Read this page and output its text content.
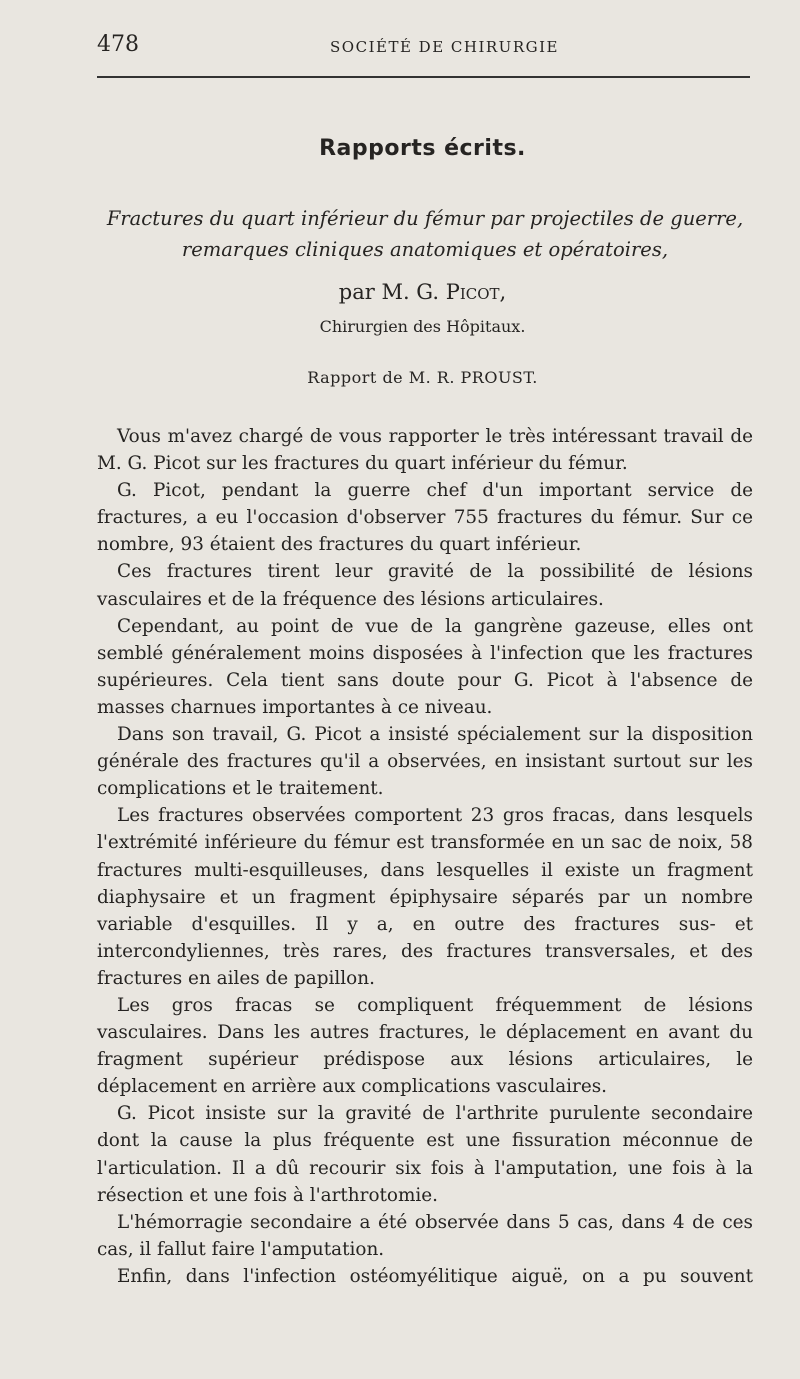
478	SOCIÉTÉ DE CHIRURGIE
Rapports écrits.
Fractures du quart inférieur du fémur par projectiles de guerre, remarques cliniques anatomiques et opératoires,
par M. G. Picot,
Chirurgien des Hôpitaux.
Rapport de M. R. PROUST.

Vous m'avez chargé de vous rapporter le très intéressant travail de M. G. Picot sur les fractures du quart inférieur du fémur.

G. Picot, pendant la guerre chef d'un important service de fractures, a eu l'occasion d'observer 755 fractures du fémur. Sur ce nombre, 93 étaient des fractures du quart inférieur.

Ces fractures tirent leur gravité de la possibilité de lésions vasculaires et de la fréquence des lésions articulaires.

Cependant, au point de vue de la gangrène gazeuse, elles ont semblé généralement moins disposées à l'infection que les fractures supérieures. Cela tient sans doute pour G. Picot à l'absence de masses charnues importantes à ce niveau.

Dans son travail, G. Picot a insisté spécialement sur la disposition générale des fractures qu'il a observées, en insistant surtout sur les complications et le traitement.

Les fractures observées comportent 23 gros fracas, dans lesquels l'extrémité inférieure du fémur est transformée en un sac de noix, 58 fractures multi-esquilleuses, dans lesquelles il existe un fragment diaphysaire et un fragment épiphysaire séparés par un nombre variable d'esquilles. Il y a, en outre des fractures sus- et intercondyliennes, très rares, des fractures transversales, et des fractures en ailes de papillon.

Les gros fracas se compliquent fréquemment de lésions vasculaires. Dans les autres fractures, le déplacement en avant du fragment supérieur prédispose aux lésions articulaires, le déplacement en arrière aux complications vasculaires.

G. Picot insiste sur la gravité de l'arthrite purulente secondaire dont la cause la plus fréquente est une fissuration méconnue de l'articulation. Il a dû recourir six fois à l'amputation, une fois à la résection et une fois à l'arthrotomie.

L'hémorragie secondaire a été observée dans 5 cas, dans 4 de ces cas, il fallut faire l'amputation.

Enfin, dans l'infection ostéomyélitique aiguë, on a pu souvent
